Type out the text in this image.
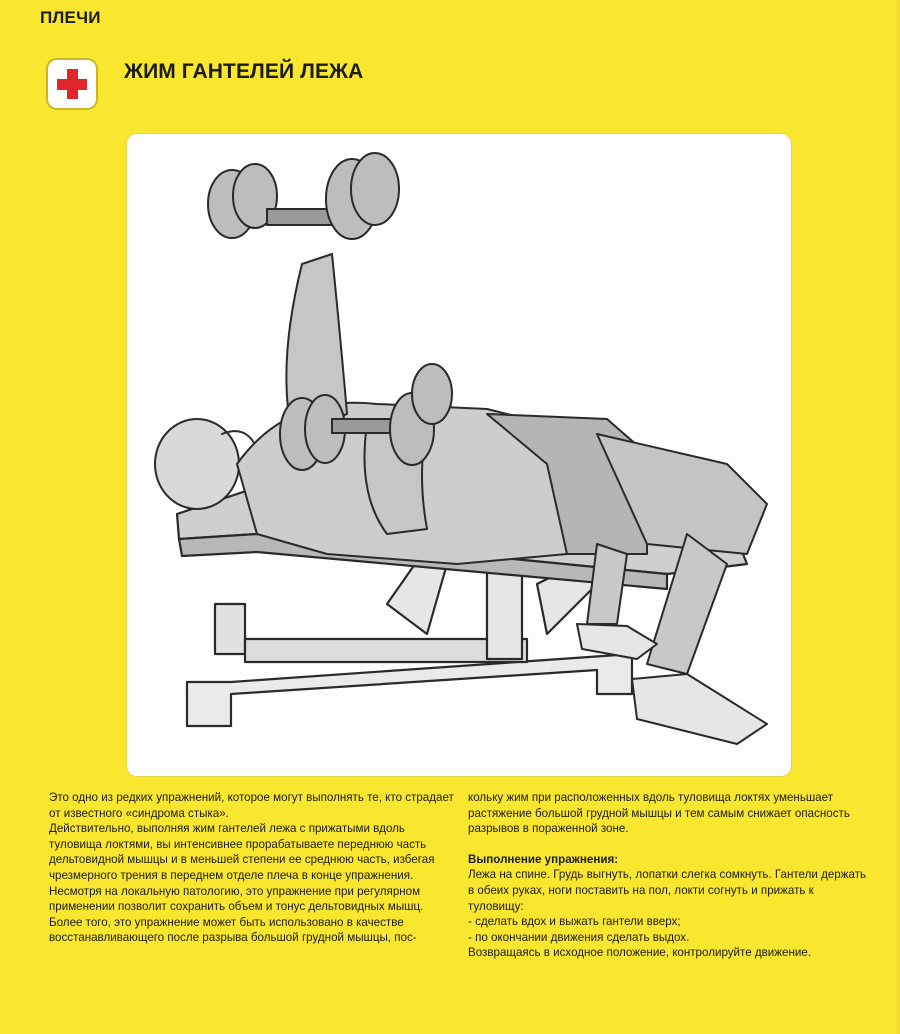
ПЛЕЧИ
ЖИМ ГАНТЕЛЕЙ ЛЕЖА

Это одно из редких упражнений, которое могут выполнять те, кто страдает от известного «синдрома стыка».

Действительно, выполняя жим гантелей лежа с прижатыми вдоль туловища локтями, вы интенсивнее прорабатываете переднюю часть дельтовидной мышцы и в меньшей степени ее среднюю часть, избегая чрезмерного трения в переднем отделе плеча в конце упражнения.

Несмотря на локальную патологию, это упражнение при регулярном применении позволит сохранить объем и тонус дельтовидных мышц. Более того, это упражнение может быть использовано в качестве восстанавливающего после разрыва большой грудной мышцы, пос-

кольку жим при расположенных вдоль туловища локтях уменьшает растяжение большой грудной мышцы и тем самым снижает опасность разрывов в пораженной зоне.

Выполнение упражнения:

Лежа на спине. Грудь выгнуть, лопатки слегка сомкнуть. Гантели держать в обеих руках, ноги поставить на пол, локти согнуть и прижать к туловищу:

- сделать вдох и выжать гантели вверх;

- по окончании движения сделать выдох.

Возвращаясь в исходное положение, контролируйте движение.
